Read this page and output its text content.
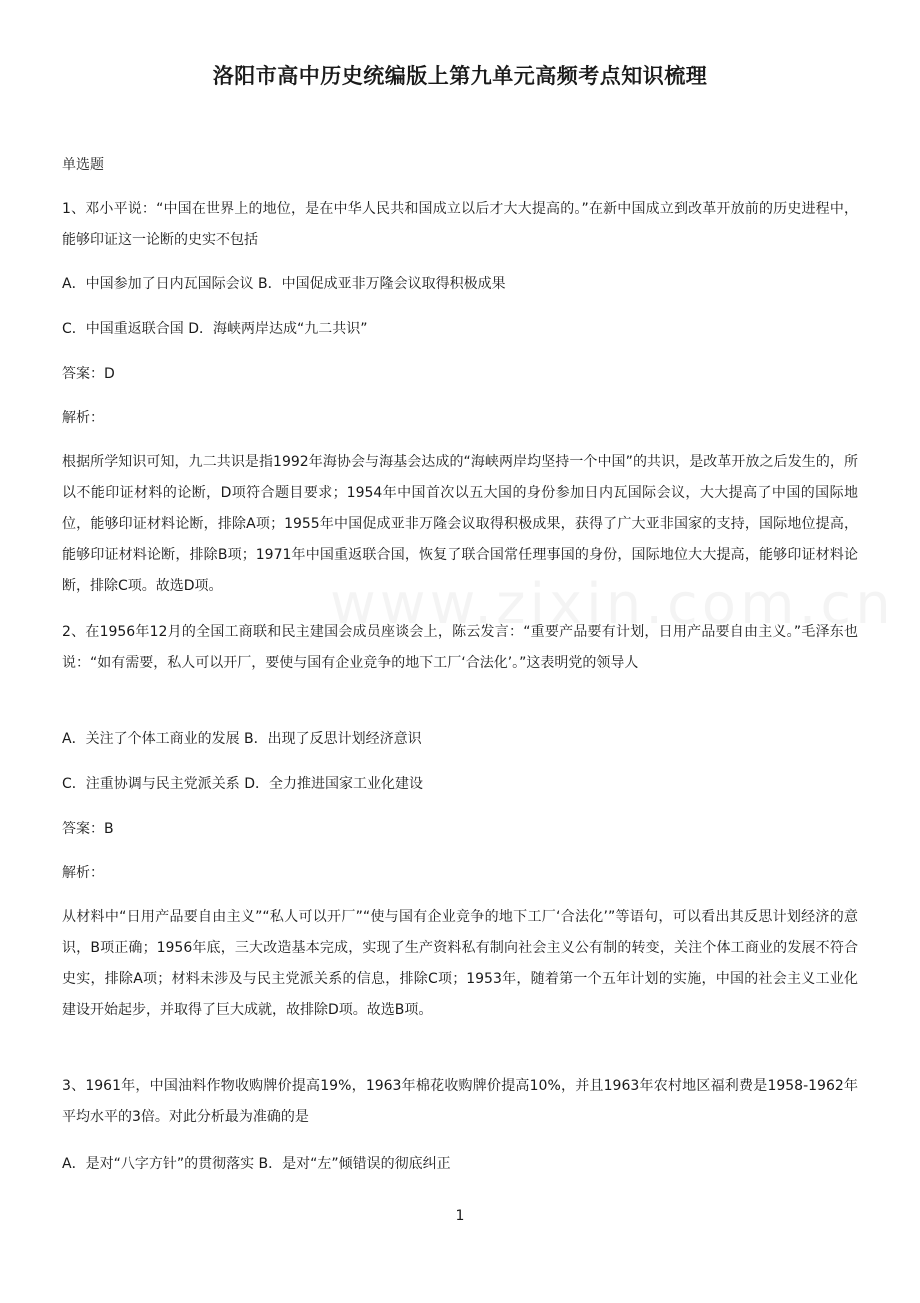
洛阳市高中历史统编版上第九单元高频考点知识梳理
单选题
1、邓小平说：“中国在世界上的地位，是在中华人民共和国成立以后才大大提高的。”在新中国成立到改革开放前的历史进程中，能够印证这一论断的史实不包括
A．中国参加了日内瓦国际会议 B．中国促成亚非万隆会议取得积极成果
C．中国重返联合国 D．海峡两岸达成“九二共识”
答案：D
解析：
根据所学知识可知，九二共识是指1992年海协会与海基会达成的“海峡两岸均坚持一个中国”的共识，是改革开放之后发生的，所以不能印证材料的论断，D项符合题目要求；1954年中国首次以五大国的身份参加日内瓦国际会议，大大提高了中国的国际地位，能够印证材料论断，排除A项；1955年中国促成亚非万隆会议取得积极成果，获得了广大亚非国家的支持，国际地位提高，能够印证材料论断，排除B项；1971年中国重返联合国，恢复了联合国常任理事国的身份，国际地位大大提高，能够印证材料论断，排除C项。故选D项。
2、在1956年12月的全国工商联和民主建国会成员座谈会上，陈云发言：“重要产品要有计划，日用产品要自由主义。”毛泽东也说：“如有需要，私人可以开厂，要使与国有企业竞争的地下工厂‘合法化’。”这表明党的领导人
A．关注了个体工商业的发展 B．出现了反思计划经济意识
C．注重协调与民主党派关系 D．全力推进国家工业化建设
答案：B
解析：
从材料中“日用产品要自由主义”“私人可以开厂”“使与国有企业竞争的地下工厂‘合法化’”等语句，可以看出其反思计划经济的意识，B项正确；1956年底，三大改造基本完成，实现了生产资料私有制向社会主义公有制的转变，关注个体工商业的发展不符合史实，排除A项；材料未涉及与民主党派关系的信息，排除C项；1953年，随着第一个五年计划的实施，中国的社会主义工业化建设开始起步，并取得了巨大成就，故排除D项。故选B项。
3、1961年，中国油料作物收购牌价提高19%，1963年棉花收购牌价提高10%，并且1963年农村地区福利费是1958-1962年平均水平的3倍。对此分析最为准确的是
A．是对“八字方针”的贯彻落实 B．是对“左”倾错误的彻底纠正
1
